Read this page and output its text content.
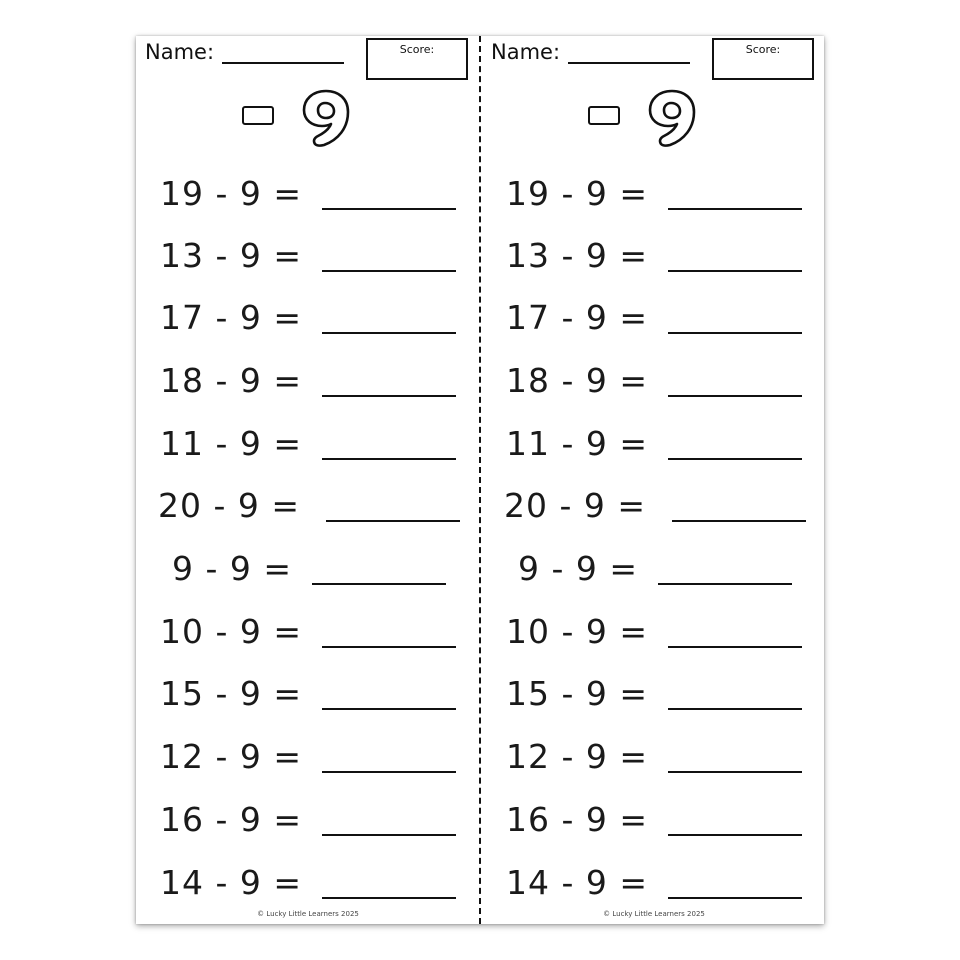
Name:	Score:
19 - 9 =
13 - 9 =
17 - 9 =
18 - 9 =
11 - 9 =
20 - 9 =
9 - 9 =
10 - 9 =
15 - 9 =
12 - 9 =
16 - 9 =
14 - 9 =
© Lucky Little Learners 2025
Name:	Score:
19 - 9 =
13 - 9 =
17 - 9 =
18 - 9 =
11 - 9 =
20 - 9 =
9 - 9 =
10 - 9 =
15 - 9 =
12 - 9 =
16 - 9 =
14 - 9 =
© Lucky Little Learners 2025
